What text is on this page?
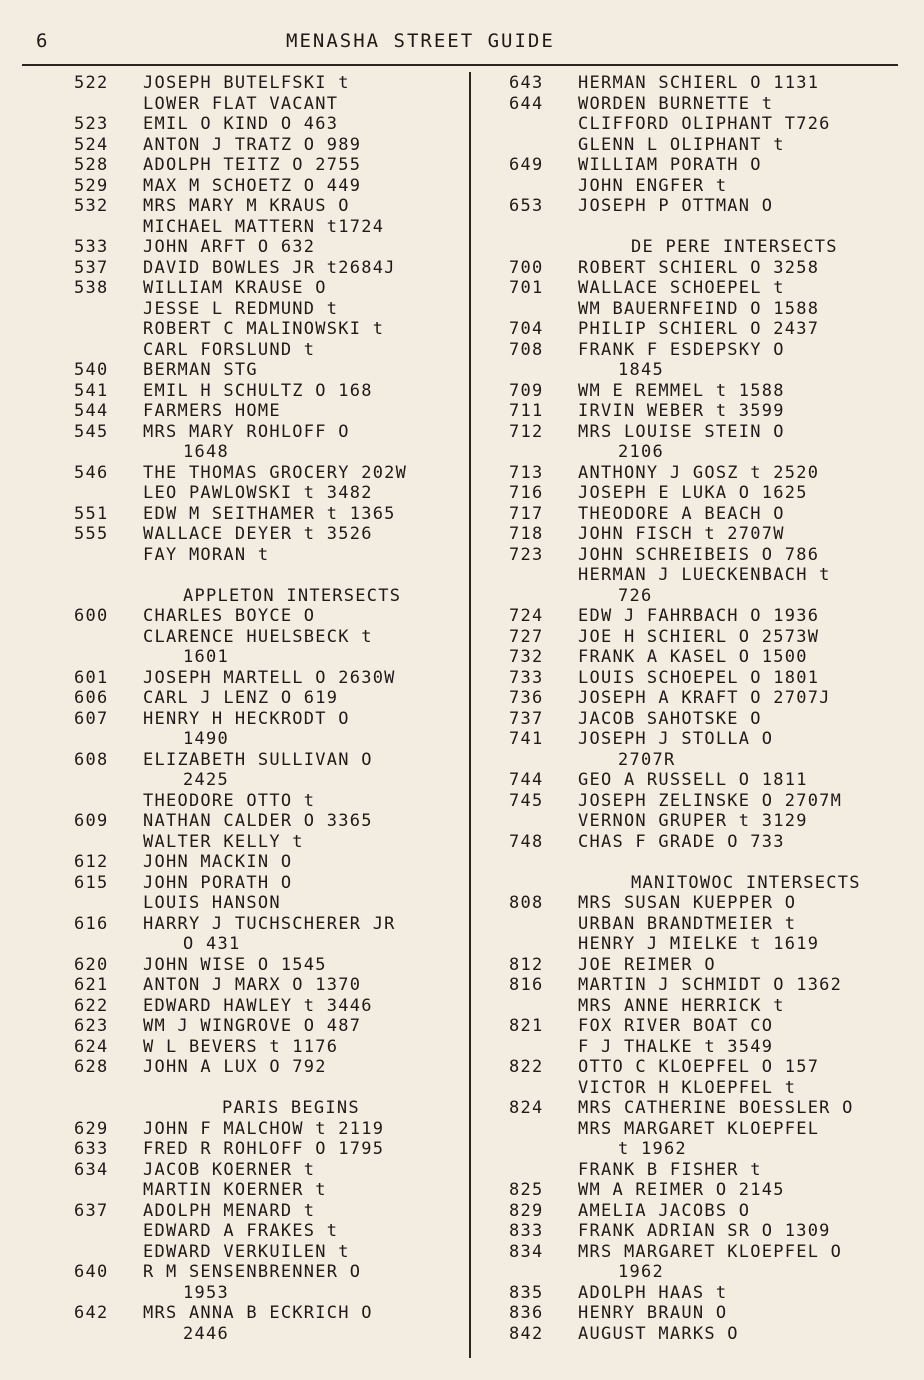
6	MENASHA STREET GUIDE
522	JOSEPH BUTELFSKI t
LOWER FLAT VACANT
523	EMIL O KIND O 463
524	ANTON J TRATZ O 989
528	ADOLPH TEITZ O 2755
529	MAX M SCHOETZ O 449
532	MRS MARY M KRAUS O
MICHAEL MATTERN t1724
533	JOHN ARFT O 632
537	DAVID BOWLES JR t2684J
538	WILLIAM KRAUSE O
JESSE L REDMUND t
ROBERT C MALINOWSKI t
CARL FORSLUND t
540	BERMAN STG
541	EMIL H SCHULTZ O 168
544	FARMERS HOME
545	MRS MARY ROHLOFF O
1648
546	THE THOMAS GROCERY 202W
LEO PAWLOWSKI t 3482
551	EDW M SEITHAMER t 1365
555	WALLACE DEYER t 3526
FAY MORAN t
APPLETON INTERSECTS
600	CHARLES BOYCE O
CLARENCE HUELSBECK t
1601
601	JOSEPH MARTELL O 2630W
606	CARL J LENZ O 619
607	HENRY H HECKRODT O
1490
608	ELIZABETH SULLIVAN O
2425
THEODORE OTTO t
609	NATHAN CALDER O 3365
WALTER KELLY t
612	JOHN MACKIN O
615	JOHN PORATH O
LOUIS HANSON
616	HARRY J TUCHSCHERER JR
O 431
620	JOHN WISE O 1545
621	ANTON J MARX O 1370
622	EDWARD HAWLEY t 3446
623	WM J WINGROVE O 487
624	W L BEVERS t 1176
628	JOHN A LUX O 792
PARIS BEGINS
629	JOHN F MALCHOW t 2119
633	FRED R ROHLOFF O 1795
634	JACOB KOERNER t
MARTIN KOERNER t
637	ADOLPH MENARD t
EDWARD A FRAKES t
EDWARD VERKUILEN t
640	R M SENSENBRENNER O
1953
642	MRS ANNA B ECKRICH O
2446
643	HERMAN SCHIERL O 1131
644	WORDEN BURNETTE t
CLIFFORD OLIPHANT T726
GLENN L OLIPHANT t
649	WILLIAM PORATH O
JOHN ENGFER t
653	JOSEPH P OTTMAN O
DE PERE INTERSECTS
700	ROBERT SCHIERL O 3258
701	WALLACE SCHOEPEL t
WM BAUERNFEIND O 1588
704	PHILIP SCHIERL O 2437
708	FRANK F ESDEPSKY O
1845
709	WM E REMMEL t 1588
711	IRVIN WEBER t 3599
712	MRS LOUISE STEIN O
2106
713	ANTHONY J GOSZ t 2520
716	JOSEPH E LUKA O 1625
717	THEODORE A BEACH O
718	JOHN FISCH t 2707W
723	JOHN SCHREIBEIS O 786
HERMAN J LUECKENBACH t
726
724	EDW J FAHRBACH O 1936
727	JOE H SCHIERL O 2573W
732	FRANK A KASEL O 1500
733	LOUIS SCHOEPEL O 1801
736	JOSEPH A KRAFT O 2707J
737	JACOB SAHOTSKE O
741	JOSEPH J STOLLA O
2707R
744	GEO A RUSSELL O 1811
745	JOSEPH ZELINSKE O 2707M
VERNON GRUPER t 3129
748	CHAS F GRADE O 733
MANITOWOC INTERSECTS
808	MRS SUSAN KUEPPER O
URBAN BRANDTMEIER t
HENRY J MIELKE t 1619
812	JOE REIMER O
816	MARTIN J SCHMIDT O 1362
MRS ANNE HERRICK t
821	FOX RIVER BOAT CO
F J THALKE t 3549
822	OTTO C KLOEPFEL O 157
VICTOR H KLOEPFEL t
824	MRS CATHERINE BOESSLER O
MRS MARGARET KLOEPFEL
t 1962
FRANK B FISHER t
825	WM A REIMER O 2145
829	AMELIA JACOBS O
833	FRANK ADRIAN SR O 1309
834	MRS MARGARET KLOEPFEL O
1962
835	ADOLPH HAAS t
836	HENRY BRAUN O
842	AUGUST MARKS O
